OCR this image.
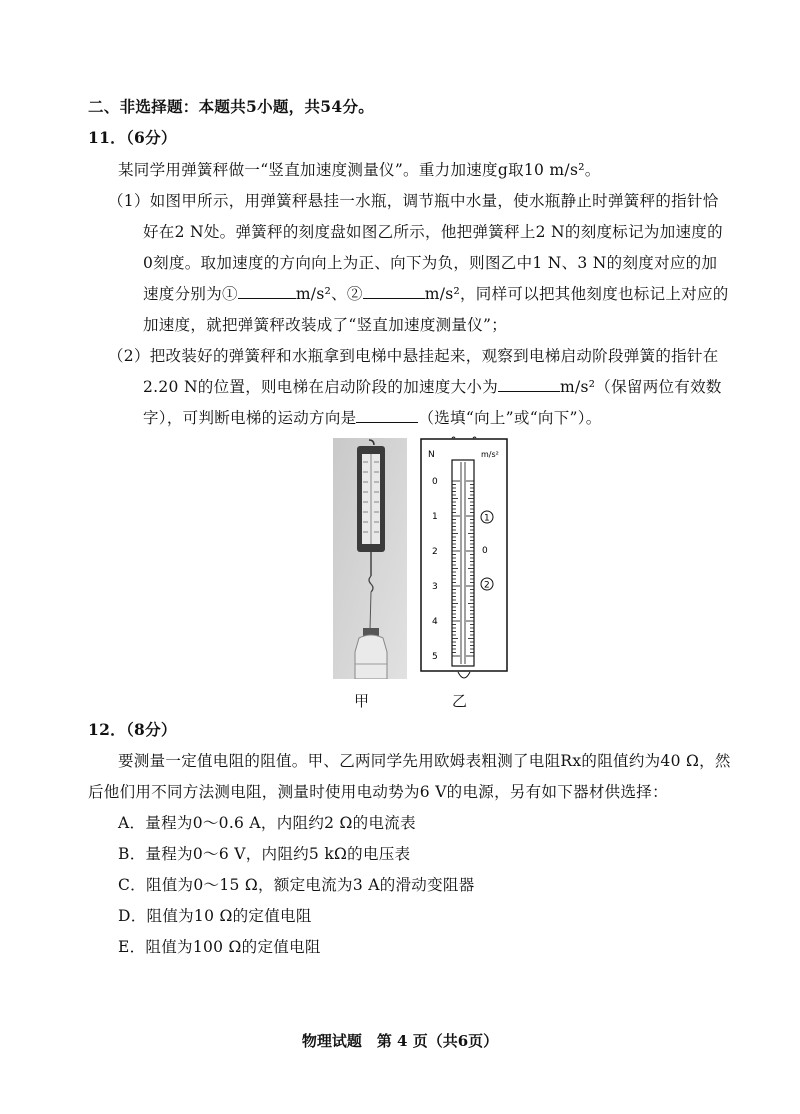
二、非选择题：本题共5小题，共54分。
11．（6分）
某同学用弹簧秤做一“竖直加速度测量仪”。重力加速度g取10 m/s²。
（1）如图甲所示，用弹簧秤悬挂一水瓶，调节瓶中水量，使水瓶静止时弹簧秤的指针恰
好在2 N处。弹簧秤的刻度盘如图乙所示，他把弹簧秤上2 N的刻度标记为加速度的
0刻度。取加速度的方向向上为正、向下为负，则图乙中1 N、3 N的刻度对应的加
速度分别为①	m/s²、②	m/s²，同样可以把其他刻度也标记上对应的
加速度，就把弹簧秤改装成了“竖直加速度测量仪”；
（2）把改装好的弹簧秤和水瓶拿到电梯中悬挂起来，观察到电梯启动阶段弹簧的指针在
2.20 N的位置，则电梯在启动阶段的加速度大小为	m/s²（保留两位有效数
字），可判断电梯的运动方向是	（选填“向上”或“向下”）。
N	m/s²
0
1
2
3
4
5
1
0
2
甲	乙
12．（8分）
要测量一定值电阻的阻值。甲、乙两同学先用欧姆表粗测了电阻Rx的阻值约为40 Ω，然
后他们用不同方法测电阻，测量时使用电动势为6 V的电源，另有如下器材供选择：
A．量程为0～0.6 A，内阻约2 Ω的电流表
B．量程为0～6 V，内阻约5 kΩ的电压表
C．阻值为0～15 Ω，额定电流为3 A的滑动变阻器
D．阻值为10 Ω的定值电阻
E．阻值为100 Ω的定值电阻
物理试题　第 4 页（共6页）
